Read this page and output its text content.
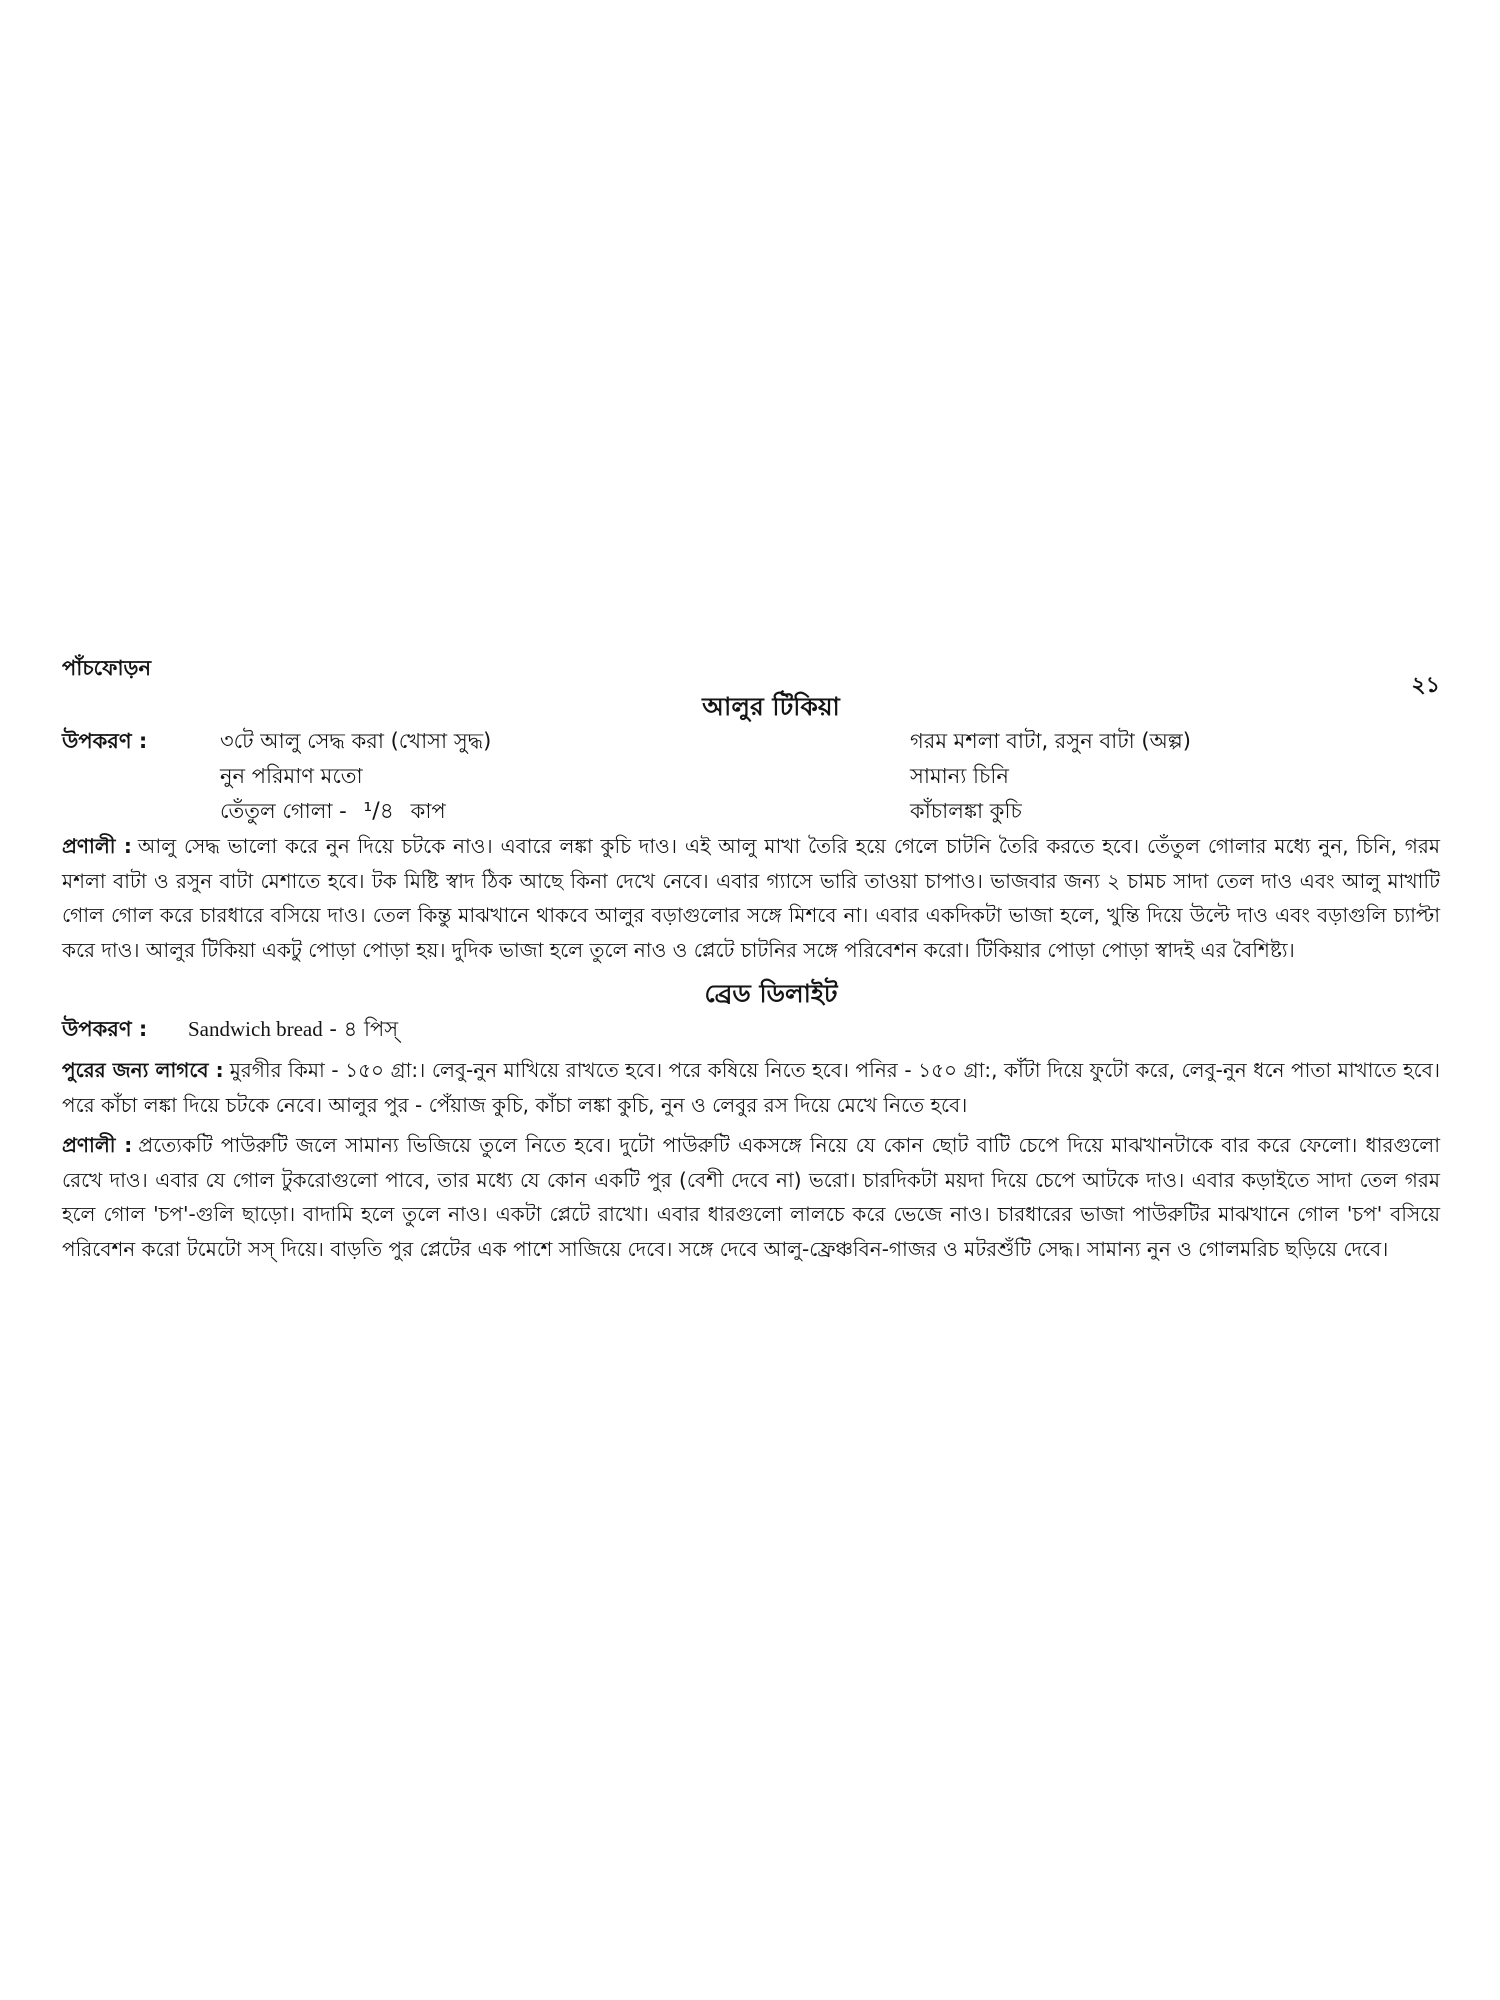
পাঁচফোড়ন
২১
আলুর টিকিয়া
উপকরণ :	৩টে আলু সেদ্ধ করা (খোসা সুদ্ধ)	গরম মশলা বাটা, রসুন বাটা (অল্প)
নুন পরিমাণ মতো	সামান্য চিনি
তেঁতুল গোলা - ¹/৪ কাপ	কাঁচালঙ্কা কুচি

প্রণালী : আলু সেদ্ধ ভালো করে নুন দিয়ে চটকে নাও। এবারে লঙ্কা কুচি দাও। এই আলু মাখা তৈরি হয়ে গেলে চাটনি তৈরি করতে হবে। তেঁতুল গোলার মধ্যে নুন, চিনি, গরম মশলা বাটা ও রসুন বাটা মেশাতে হবে। টক মিষ্টি স্বাদ ঠিক আছে কিনা দেখে নেবে। এবার গ্যাসে ভারি তাওয়া চাপাও। ভাজবার জন্য ২ চামচ সাদা তেল দাও এবং আলু মাখাটি গোল গোল করে চারধারে বসিয়ে দাও। তেল কিন্তু মাঝখানে থাকবে আলুর বড়াগুলোর সঙ্গে মিশবে না। এবার একদিকটা ভাজা হলে, খুন্তি দিয়ে উল্টে দাও এবং বড়াগুলি চ্যাপ্টা করে দাও। আলুর টিকিয়া একটু পোড়া পোড়া হয়। দুদিক ভাজা হলে তুলে নাও ও প্লেটে চাটনির সঙ্গে পরিবেশন করো। টিকিয়ার পোড়া পোড়া স্বাদই এর বৈশিষ্ট্য।

ব্রেড ডিলাইট

উপকরণ : Sandwich bread - ৪ পিস্

পুরের জন্য লাগবে : মুরগীর কিমা - ১৫০ গ্রা:। লেবু-নুন মাখিয়ে রাখতে হবে। পরে কষিয়ে নিতে হবে। পনির - ১৫০ গ্রা:, কাঁটা দিয়ে ফুটো করে, লেবু-নুন ধনে পাতা মাখাতে হবে। পরে কাঁচা লঙ্কা দিয়ে চটকে নেবে। আলুর পুর - পেঁয়াজ কুচি, কাঁচা লঙ্কা কুচি, নুন ও লেবুর রস দিয়ে মেখে নিতে হবে।

প্রণালী : প্রত্যেকটি পাউরুটি জলে সামান্য ভিজিয়ে তুলে নিতে হবে। দুটো পাউরুটি একসঙ্গে নিয়ে যে কোন ছোট বাটি চেপে দিয়ে মাঝখানটাকে বার করে ফেলো। ধারগুলো রেখে দাও। এবার যে গোল টুকরোগুলো পাবে, তার মধ্যে যে কোন একটি পুর (বেশী দেবে না) ভরো। চারদিকটা ময়দা দিয়ে চেপে আটকে দাও। এবার কড়াইতে সাদা তেল গরম হলে গোল 'চপ'-গুলি ছাড়ো। বাদামি হলে তুলে নাও। একটা প্লেটে রাখো। এবার ধারগুলো লালচে করে ভেজে নাও। চারধারের ভাজা পাউরুটির মাঝখানে গোল 'চপ' বসিয়ে পরিবেশন করো টমেটো সস্ দিয়ে। বাড়তি পুর প্লেটের এক পাশে সাজিয়ে দেবে। সঙ্গে দেবে আলু-ফ্রেঞ্চবিন-গাজর ও মটরশুঁটি সেদ্ধ। সামান্য নুন ও গোলমরিচ ছড়িয়ে দেবে।
